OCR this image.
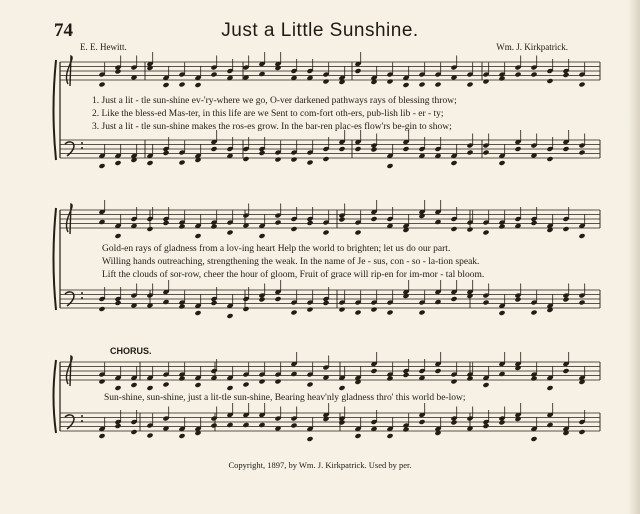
74	Just a Little Sunshine.
E. E. Hewitt.	Wm. J. Kirkpatrick.
1. Just a lit - tle sun-shine ev-'ry-where we go, O-ver darkened pathways rays of blessing throw;
2. Like the bless-ed Mas-ter, in this life are we Sent to com-fort oth-ers, pub-lish lib - er - ty;
3. Just a lit - tle sun-shine makes the ros-es grow. In the bar-ren plac-es flow'rs be-gin to show;
Gold-en rays of gladness from a lov-ing heart Help the world to brighten; let us do our part.
Willing hands outreaching, strengthening the weak. In the name of Je - sus, con - so - la-tion speak.
Lift the clouds of sor-row, cheer the hour of gloom, Fruit of grace will rip-en for im-mor - tal bloom.
CHORUS.
Sun-shine, sun-shine, just a lit-tle sun-shine, Bearing heav'nly gladness thro' this world be-low;
Copyright, 1897, by Wm. J. Kirkpatrick. Used by per.
